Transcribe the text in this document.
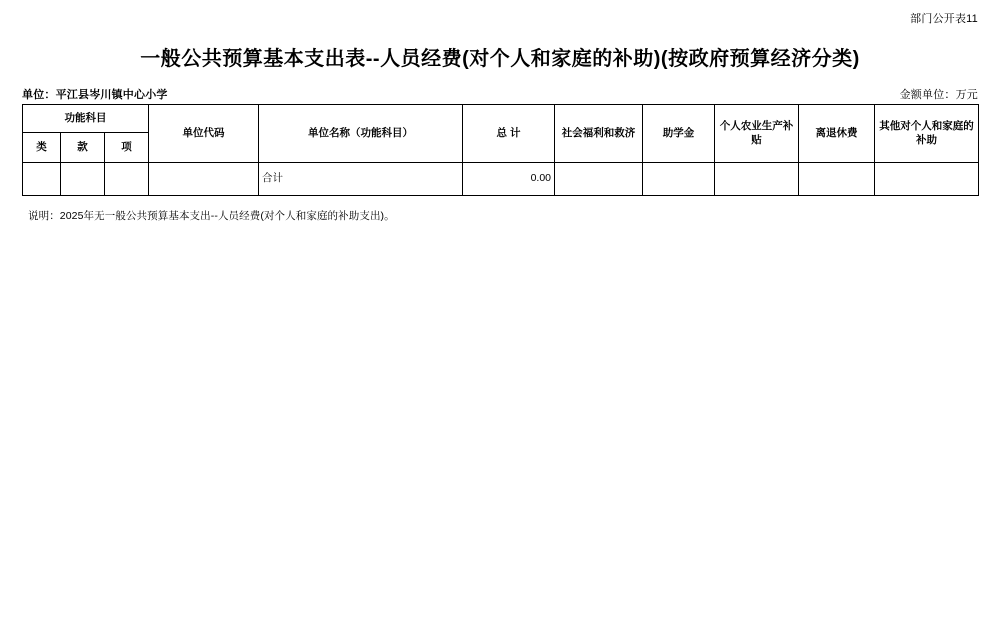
部门公开表11
一般公共预算基本支出表--人员经费(对个人和家庭的补助)(按政府预算经济分类)
单位：平江县岑川镇中心小学	金额单位：万元
功能科目			单位代码	单位名称（功能科目）	总 计	社会福利和救济	助学金	个人农业生产补贴	离退休费	其他对个人和家庭的补助
类	款	项								
				合计	0.00					
说明：2025年无一般公共预算基本支出--人员经费(对个人和家庭的补助支出)。
